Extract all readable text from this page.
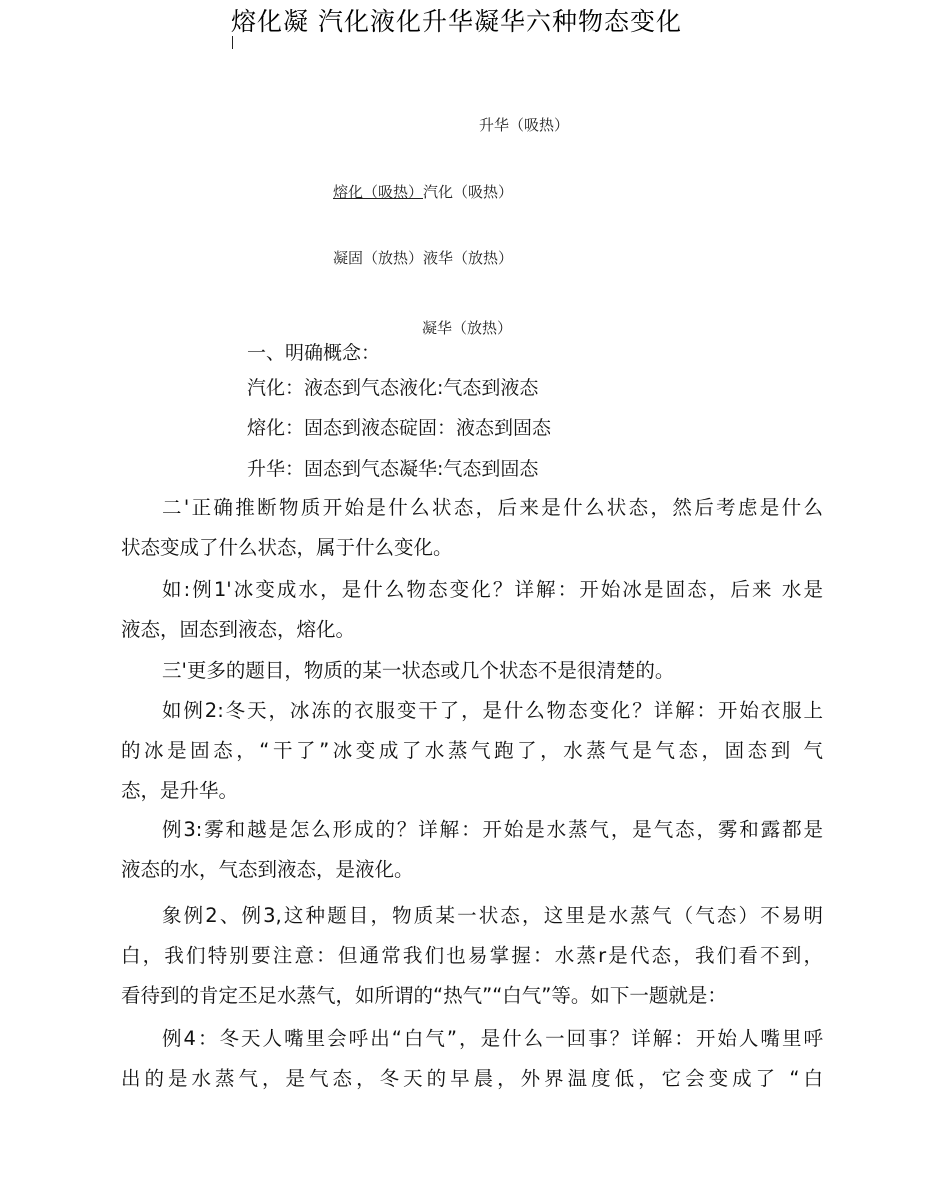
熔化凝 汽化液化升华凝华六种物态变化
升华（吸热）
熔化（吸热）汽化（吸热）
凝固（放热）液华（放热）
凝华（放热）
一、明确概念：
汽化：液态到气态液化:气态到液态
熔化：固态到液态碇固：液态到固态
升华：固态到气态凝华:气态到固态
二'正确推断物质开始是什么状态，后来是什么状态，然后考虑是什么
状态变成了什么状态，属于什么变化。
如:例1'冰变成水，是什么物态变化？详解：开始冰是固态，后来 水是
液态，固态到液态，熔化。
三'更多的题目，物质的某一状态或几个状态不是很清楚的。
如例2:冬天，冰冻的衣服变干了，是什么物态变化？详解：开始衣服上
的冰是固态，“干了”冰变成了水蒸气跑了，水蒸气是气态，固态到 气
态，是升华。
例3:雾和越是怎么形成的？详解：开始是水蒸气，是气态，雾和露都是
液态的水，气态到液态，是液化。
象例2、例3,这种题目，物质某一状态，这里是水蒸气（气态）不易明
白，我们特别要注意：但通常我们也易掌握：水蒸r是代态，我们看不到，
看待到的肯定丕足水蒸气，如所谓的“热气”“白气”等。如下一题就是：
例4：冬天人嘴里会呼出“白气”，是什么一回事？详解：开始人嘴里呼
出的是水蒸气，是气态，冬天的早晨，外界温度低，它会变成了 “白
